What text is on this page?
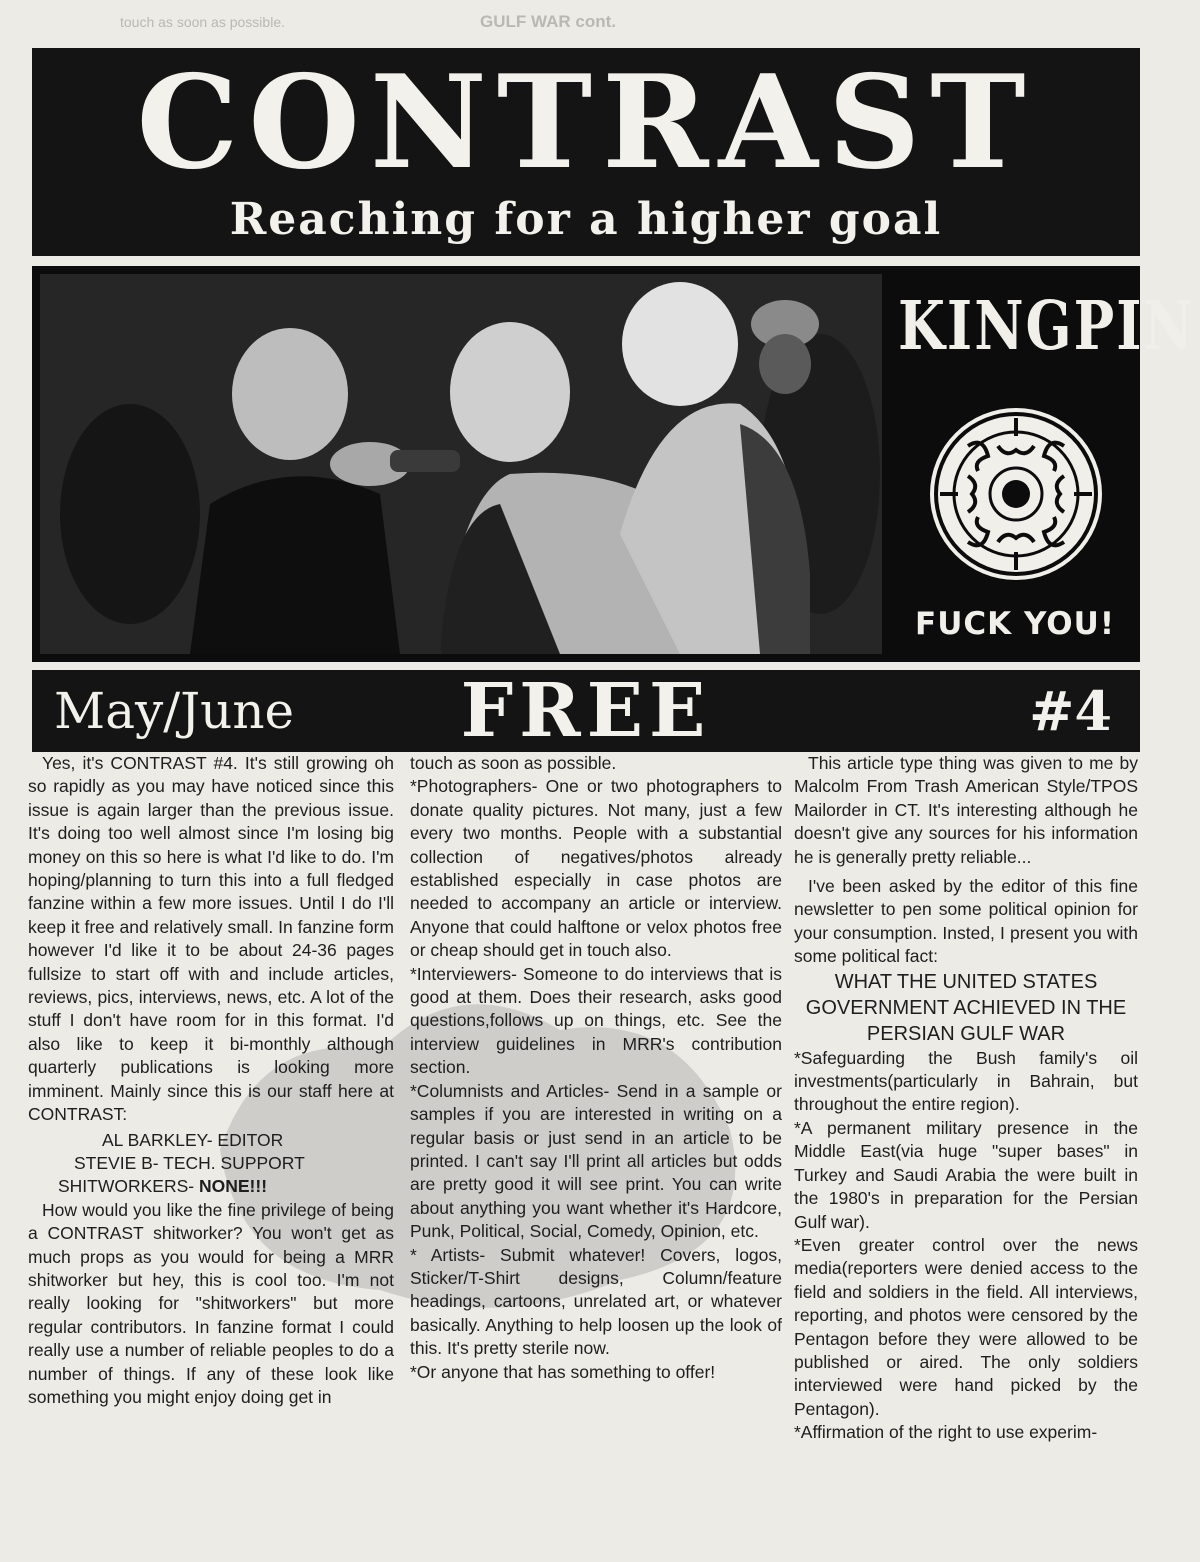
touch as soon as possible.	GULF WAR cont.
CONTRAST
Reaching for a higher goal
KINGPIN
FUCK YOU!
May/June	FREE	#4

Yes, it's CONTRAST #4. It's still growing oh so rapidly as you may have noticed since this issue is again larger than the previous issue. It's doing too well almost since I'm losing big money on this so here is what I'd like to do. I'm hoping/planning to turn this into a full fledged fanzine within a few more issues. Until I do I'll keep it free and relatively small. In fanzine form however I'd like it to be about 24-36 pages fullsize to start off with and include articles, reviews, pics, interviews, news, etc. A lot of the stuff I don't have room for in this format. I'd also like to keep it bi-monthly although quarterly publications is looking more imminent. Mainly since this is our staff here at CONTRAST:

AL BARKLEY- EDITOR
STEVIE B- TECH. SUPPORT
SHITWORKERS- NONE!!!

How would you like the fine privilege of being a CONTRAST shitworker? You won't get as much props as you would for being a MRR shitworker but hey, this is cool too. I'm not really looking for "shitworkers" but more regular contributors. In fanzine format I could really use a number of reliable peoples to do a number of things. If any of these look like something you might enjoy doing get in

touch as soon as possible.

*Photographers- One or two photographers to donate quality pictures. Not many, just a few every two months. People with a substantial collection of negatives/photos already established especially in case photos are needed to accompany an article or interview. Anyone that could halftone or velox photos free or cheap should get in touch also.

*Interviewers- Someone to do interviews that is good at them. Does their research, asks good questions,follows up on things, etc. See the interview guidelines in MRR's contribution section.

*Columnists and Articles- Send in a sample or samples if you are interested in writing on a regular basis or just send in an article to be printed. I can't say I'll print all articles but odds are pretty good it will see print. You can write about anything you want whether it's Hardcore, Punk, Political, Social, Comedy, Opinion, etc.

* Artists- Submit whatever! Covers, logos, Sticker/T-Shirt designs, Column/feature headings, cartoons, unrelated art, or whatever basically. Anything to help loosen up the look of this. It's pretty sterile now.

*Or anyone that has something to offer!

This article type thing was given to me by Malcolm From Trash American Style/TPOS Mailorder in CT. It's interesting although he doesn't give any sources for his information he is generally pretty reliable...

I've been asked by the editor of this fine newsletter to pen some political opinion for your consumption. Insted, I present you with some political fact:

WHAT THE UNITED STATES GOVERNMENT ACHIEVED IN THE PERSIAN GULF WAR

*Safeguarding the Bush family's oil investments(particularly in Bahrain, but throughout the entire region).

*A permanent military presence in the Middle East(via huge "super bases" in Turkey and Saudi Arabia the were built in the 1980's in preparation for the Persian Gulf war).

*Even greater control over the news media(reporters were denied access to the field and soldiers in the field. All interviews, reporting, and photos were censored by the Pentagon before they were allowed to be published or aired. The only soldiers interviewed were hand picked by the Pentagon).

*Affirmation of the right to use experim-
